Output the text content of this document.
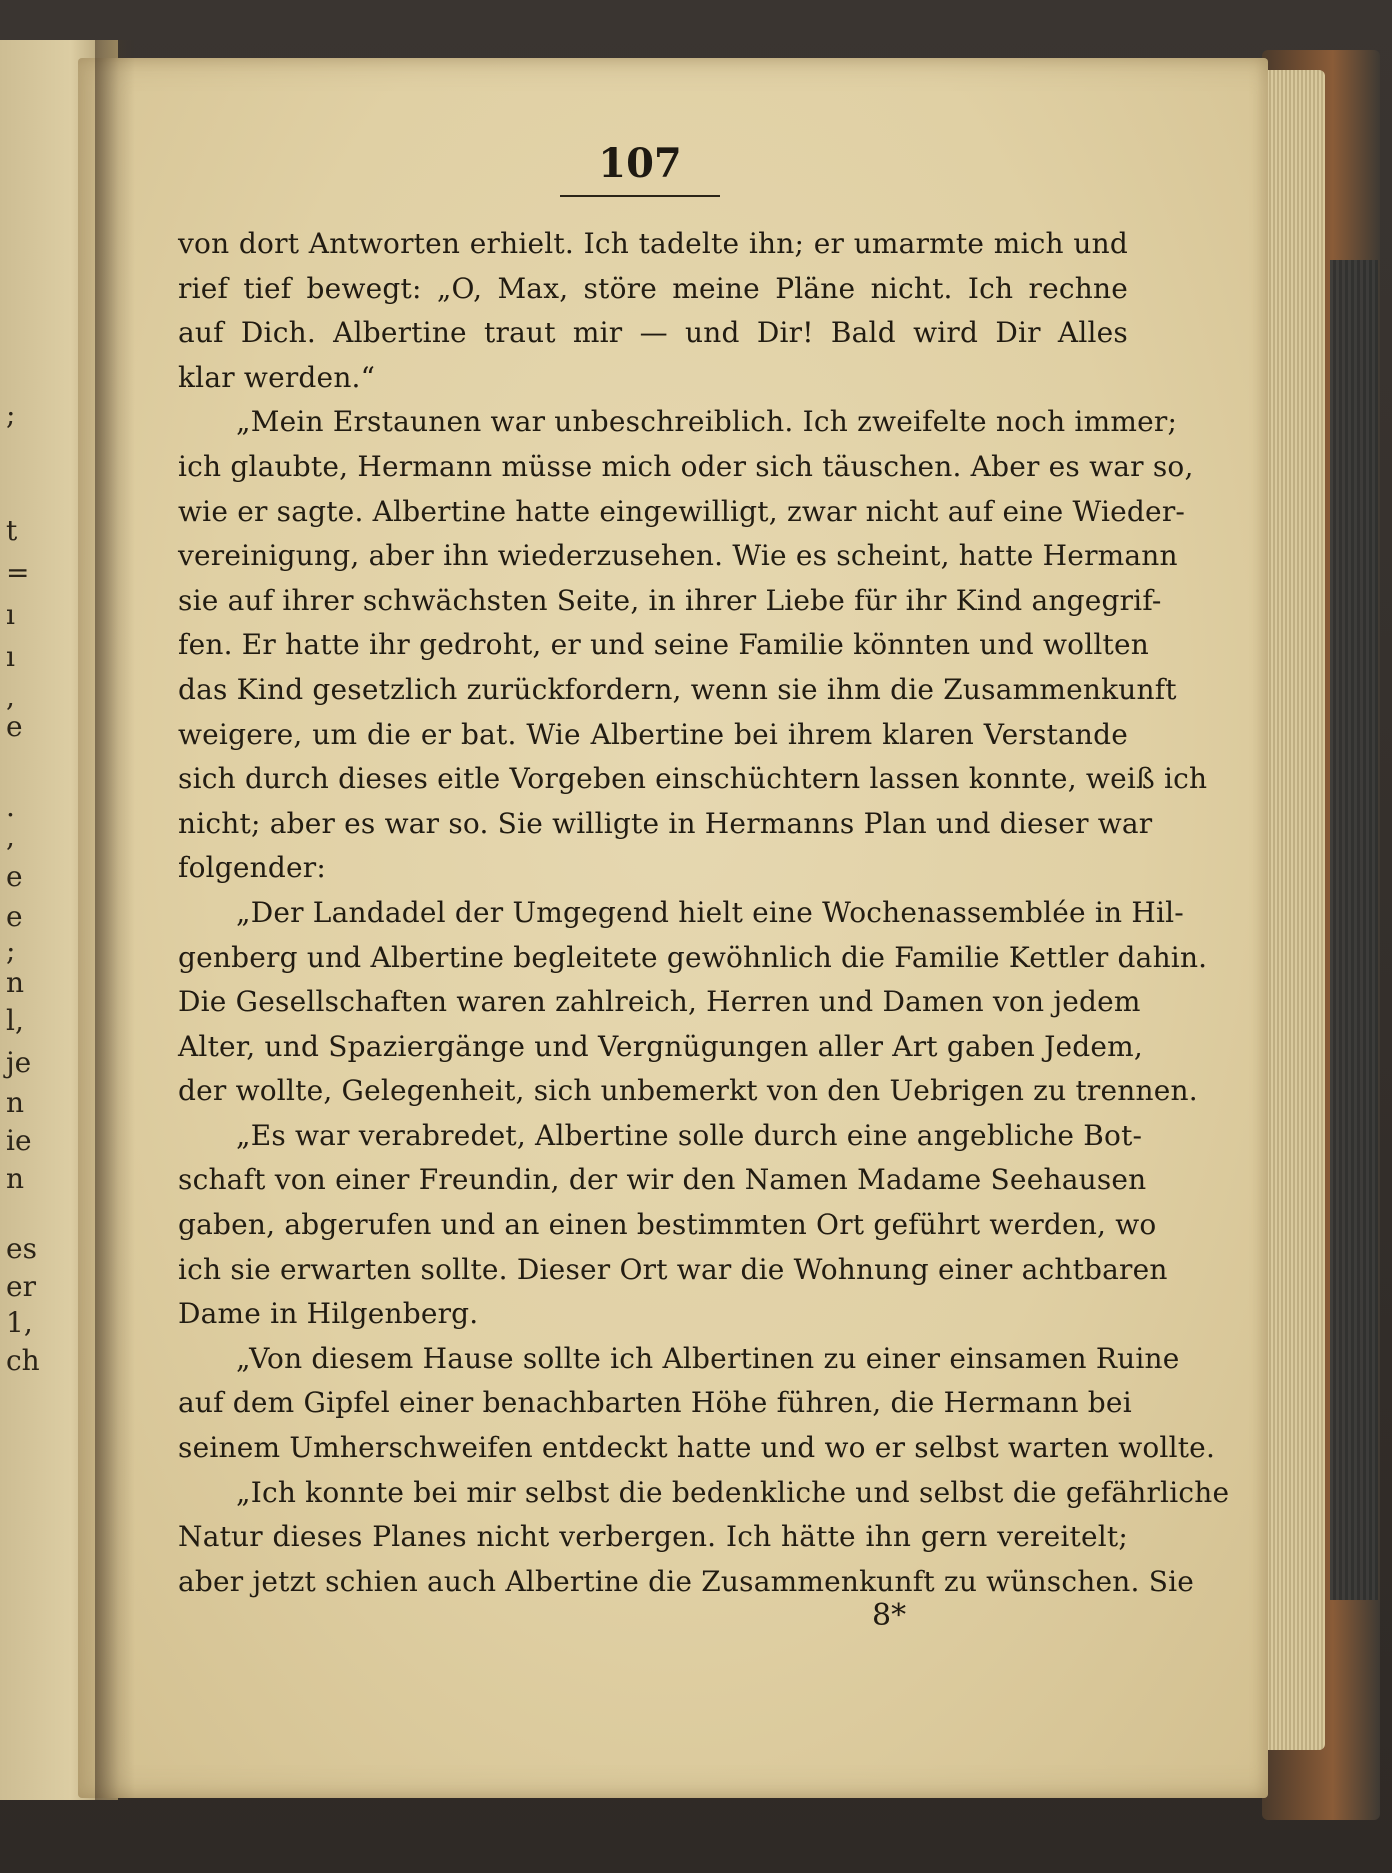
;
t
=
ı
ı
,
e
.
,
e
e
;
n
l,
je
n
ie
n
es
er
1,
ch
107
von dort Antworten erhielt. Ich tadelte ihn; er umarmte mich und
rief tief bewegt: „O, Max, störe meine Pläne nicht. Ich rechne
auf Dich. Albertine traut mir — und Dir! Bald wird Dir Alles
klar werden.“
„Mein Erstaunen war unbeschreiblich. Ich zweifelte noch immer;
ich glaubte, Hermann müsse mich oder sich täuschen. Aber es war so,
wie er sagte. Albertine hatte eingewilligt, zwar nicht auf eine Wieder-
vereinigung, aber ihn wiederzusehen. Wie es scheint, hatte Hermann
sie auf ihrer schwächsten Seite, in ihrer Liebe für ihr Kind angegrif-
fen. Er hatte ihr gedroht, er und seine Familie könnten und wollten
das Kind gesetzlich zurückfordern, wenn sie ihm die Zusammenkunft
weigere, um die er bat. Wie Albertine bei ihrem klaren Verstande
sich durch dieses eitle Vorgeben einschüchtern lassen konnte, weiß ich
nicht; aber es war so. Sie willigte in Hermanns Plan und dieser war
folgender:
„Der Landadel der Umgegend hielt eine Wochenassemblée in Hil-
genberg und Albertine begleitete gewöhnlich die Familie Kettler dahin.
Die Gesellschaften waren zahlreich, Herren und Damen von jedem
Alter, und Spaziergänge und Vergnügungen aller Art gaben Jedem,
der wollte, Gelegenheit, sich unbemerkt von den Uebrigen zu trennen.
„Es war verabredet, Albertine solle durch eine angebliche Bot-
schaft von einer Freundin, der wir den Namen Madame Seehausen
gaben, abgerufen und an einen bestimmten Ort geführt werden, wo
ich sie erwarten sollte. Dieser Ort war die Wohnung einer achtbaren
Dame in Hilgenberg.
„Von diesem Hause sollte ich Albertinen zu einer einsamen Ruine
auf dem Gipfel einer benachbarten Höhe führen, die Hermann bei
seinem Umherschweifen entdeckt hatte und wo er selbst warten wollte.
„Ich konnte bei mir selbst die bedenkliche und selbst die gefährliche
Natur dieses Planes nicht verbergen. Ich hätte ihn gern vereitelt;
aber jetzt schien auch Albertine die Zusammenkunft zu wünschen. Sie
8*
